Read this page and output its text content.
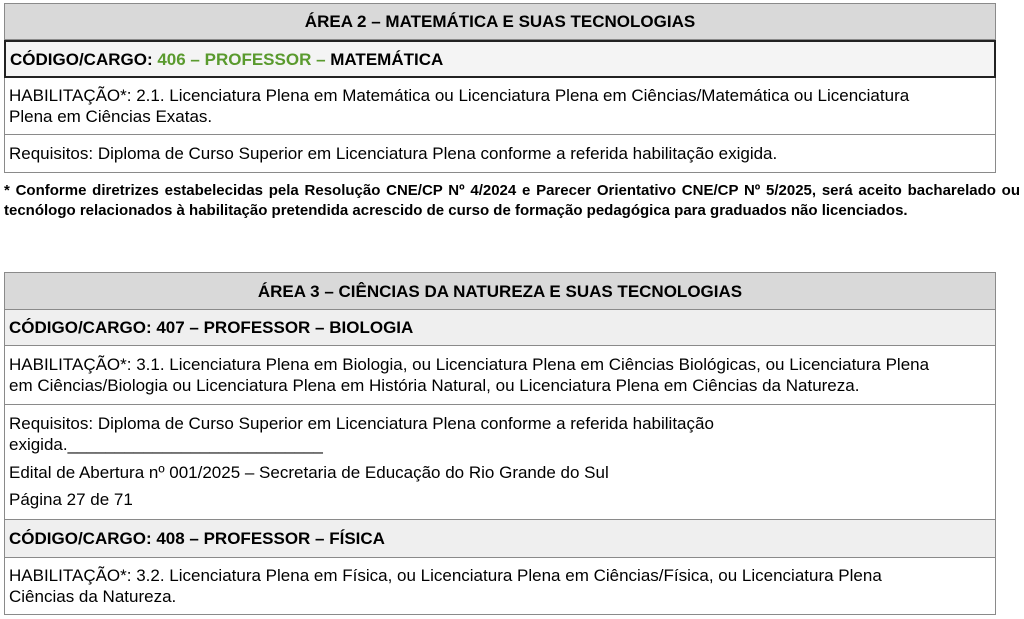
ÁREA 2 – MATEMÁTICA E SUAS TECNOLOGIAS
CÓDIGO/CARGO: 406 – PROFESSOR – MATEMÁTICA
HABILITAÇÃO*: 2.1. Licenciatura Plena em Matemática ou Licenciatura Plena em Ciências/Matemática ou Licenciatura
Plena em Ciências Exatas.
Requisitos: Diploma de Curso Superior em Licenciatura Plena conforme a referida habilitação exigida.
* Conforme diretrizes estabelecidas pela Resolução CNE/CP Nº 4/2024 e Parecer Orientativo CNE/CP Nº 5/2025, será aceito bacharelado ou tecnólogo relacionados à habilitação pretendida acrescido de curso de formação pedagógica para graduados não licenciados.
ÁREA 3 – CIÊNCIAS DA NATUREZA E SUAS TECNOLOGIAS
CÓDIGO/CARGO: 407 – PROFESSOR – BIOLOGIA
HABILITAÇÃO*: 3.1. Licenciatura Plena em Biologia, ou Licenciatura Plena em Ciências Biológicas, ou Licenciatura Plena
em Ciências/Biologia ou Licenciatura Plena em História Natural, ou Licenciatura Plena em Ciências da Natureza.
Requisitos: Diploma de Curso Superior em Licenciatura Plena conforme a referida habilitação
exigida.___________________________
Edital de Abertura nº 001/2025 – Secretaria de Educação do Rio Grande do Sul
Página 27 de 71
CÓDIGO/CARGO: 408 – PROFESSOR – FÍSICA
HABILITAÇÃO*: 3.2. Licenciatura Plena em Física, ou Licenciatura Plena em Ciências/Física, ou Licenciatura Plena
Ciências da Natureza.
